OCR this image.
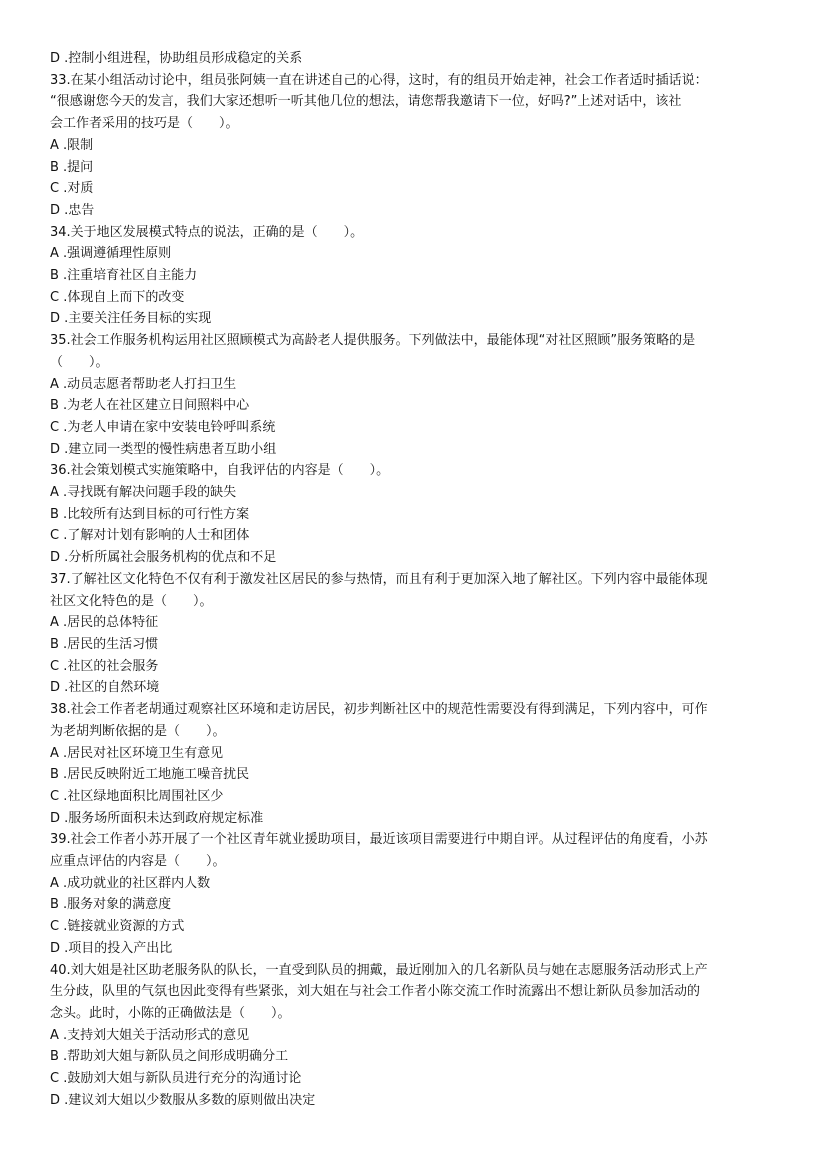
D .控制小组进程，协助组员形成稳定的关系
33.在某小组活动讨论中，组员张阿姨一直在讲述自己的心得，这时，有的组员开始走神，社会工作者适时插话说：
“很感谢您今天的发言，我们大家还想听一听其他几位的想法，请您帮我邀请下一位，好吗?”上述对话中，该社
会工作者采用的技巧是（　　）。
A .限制
B .提问
C .对质
D .忠告
34.关于地区发展模式特点的说法，正确的是（　　）。
A .强调遵循理性原则
B .注重培育社区自主能力
C .体现自上而下的改变
D .主要关注任务目标的实现
35.社会工作服务机构运用社区照顾模式为高龄老人提供服务。下列做法中，最能体现“对社区照顾”服务策略的是
（　　）。
A .动员志愿者帮助老人打扫卫生
B .为老人在社区建立日间照料中心
C .为老人申请在家中安装电铃呼叫系统
D .建立同一类型的慢性病患者互助小组
36.社会策划模式实施策略中，自我评估的内容是（　　）。
A .寻找既有解决问题手段的缺失
B .比较所有达到目标的可行性方案
C .了解对计划有影响的人士和团体
D .分析所属社会服务机构的优点和不足
37.了解社区文化特色不仅有利于激发社区居民的参与热情，而且有利于更加深入地了解社区。下列内容中最能体现
社区文化特色的是（　　）。
A .居民的总体特征
B .居民的生活习惯
C .社区的社会服务
D .社区的自然环境
38.社会工作者老胡通过观察社区环境和走访居民，初步判断社区中的规范性需要没有得到满足，下列内容中，可作
为老胡判断依据的是（　　）。
A .居民对社区环境卫生有意见
B .居民反映附近工地施工噪音扰民
C .社区绿地面积比周围社区少
D .服务场所面积未达到政府规定标准
39.社会工作者小苏开展了一个社区青年就业援助项目，最近该项目需要进行中期自评。从过程评估的角度看，小苏
应重点评估的内容是（　　）。
A .成功就业的社区群内人数
B .服务对象的满意度
C .链接就业资源的方式
D .项目的投入产出比
40.刘大姐是社区助老服务队的队长，一直受到队员的拥戴，最近刚加入的几名新队员与她在志愿服务活动形式上产
生分歧，队里的气氛也因此变得有些紧张，刘大姐在与社会工作者小陈交流工作时流露出不想让新队员参加活动的
念头。此时，小陈的正确做法是（　　）。
A .支持刘大姐关于活动形式的意见
B .帮助刘大姐与新队员之间形成明确分工
C .鼓励刘大姐与新队员进行充分的沟通讨论
D .建议刘大姐以少数服从多数的原则做出决定
